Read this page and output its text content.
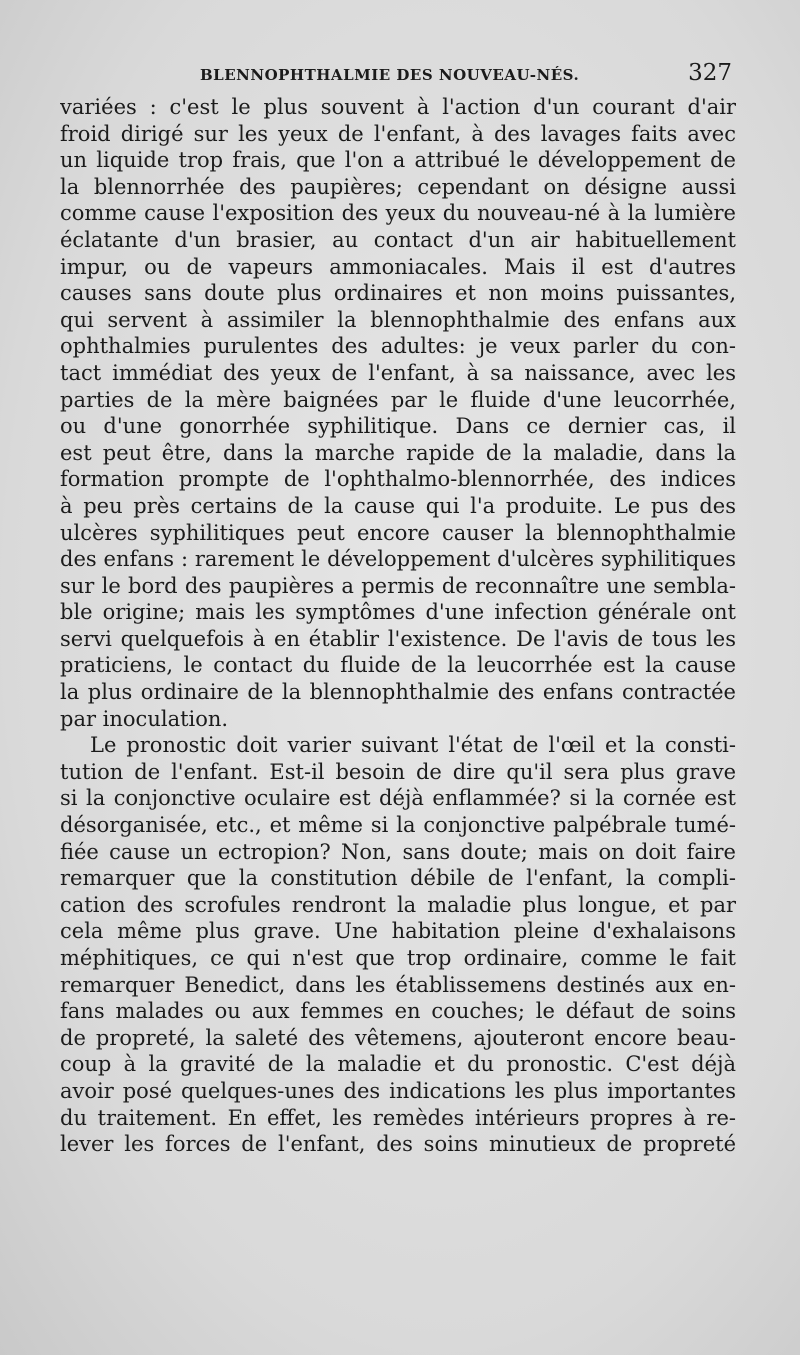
BLENNOPHTHALMIE DES NOUVEAU-NÉS.	327
variées : c'est le plus souvent à l'action d'un courant d'air
froid dirigé sur les yeux de l'enfant, à des lavages faits avec
un liquide trop frais, que l'on a attribué le développement de
la blennorrhée des paupières; cependant on désigne aussi
comme cause l'exposition des yeux du nouveau-né à la lumière
éclatante d'un brasier, au contact d'un air habituellement
impur, ou de vapeurs ammoniacales. Mais il est d'autres
causes sans doute plus ordinaires et non moins puissantes,
qui servent à assimiler la blennophthalmie des enfans aux
ophthalmies purulentes des adultes: je veux parler du con-
tact immédiat des yeux de l'enfant, à sa naissance, avec les
parties de la mère baignées par le fluide d'une leucorrhée,
ou d'une gonorrhée syphilitique. Dans ce dernier cas, il
est peut être, dans la marche rapide de la maladie, dans la
formation prompte de l'ophthalmo-blennorrhée, des indices
à peu près certains de la cause qui l'a produite. Le pus des
ulcères syphilitiques peut encore causer la blennophthalmie
des enfans : rarement le développement d'ulcères syphilitiques
sur le bord des paupières a permis de reconnaître une sembla-
ble origine; mais les symptômes d'une infection générale ont
servi quelquefois à en établir l'existence. De l'avis de tous les
praticiens, le contact du fluide de la leucorrhée est la cause
la plus ordinaire de la blennophthalmie des enfans contractée
par inoculation.
Le pronostic doit varier suivant l'état de l'œil et la consti-
tution de l'enfant. Est-il besoin de dire qu'il sera plus grave
si la conjonctive oculaire est déjà enflammée? si la cornée est
désorganisée, etc., et même si la conjonctive palpébrale tumé-
fiée cause un ectropion? Non, sans doute; mais on doit faire
remarquer que la constitution débile de l'enfant, la compli-
cation des scrofules rendront la maladie plus longue, et par
cela même plus grave. Une habitation pleine d'exhalaisons
méphitiques, ce qui n'est que trop ordinaire, comme le fait
remarquer Benedict, dans les établissemens destinés aux en-
fans malades ou aux femmes en couches; le défaut de soins
de propreté, la saleté des vêtemens, ajouteront encore beau-
coup à la gravité de la maladie et du pronostic. C'est déjà
avoir posé quelques-unes des indications les plus importantes
du traitement. En effet, les remèdes intérieurs propres à re-
lever les forces de l'enfant, des soins minutieux de propreté
